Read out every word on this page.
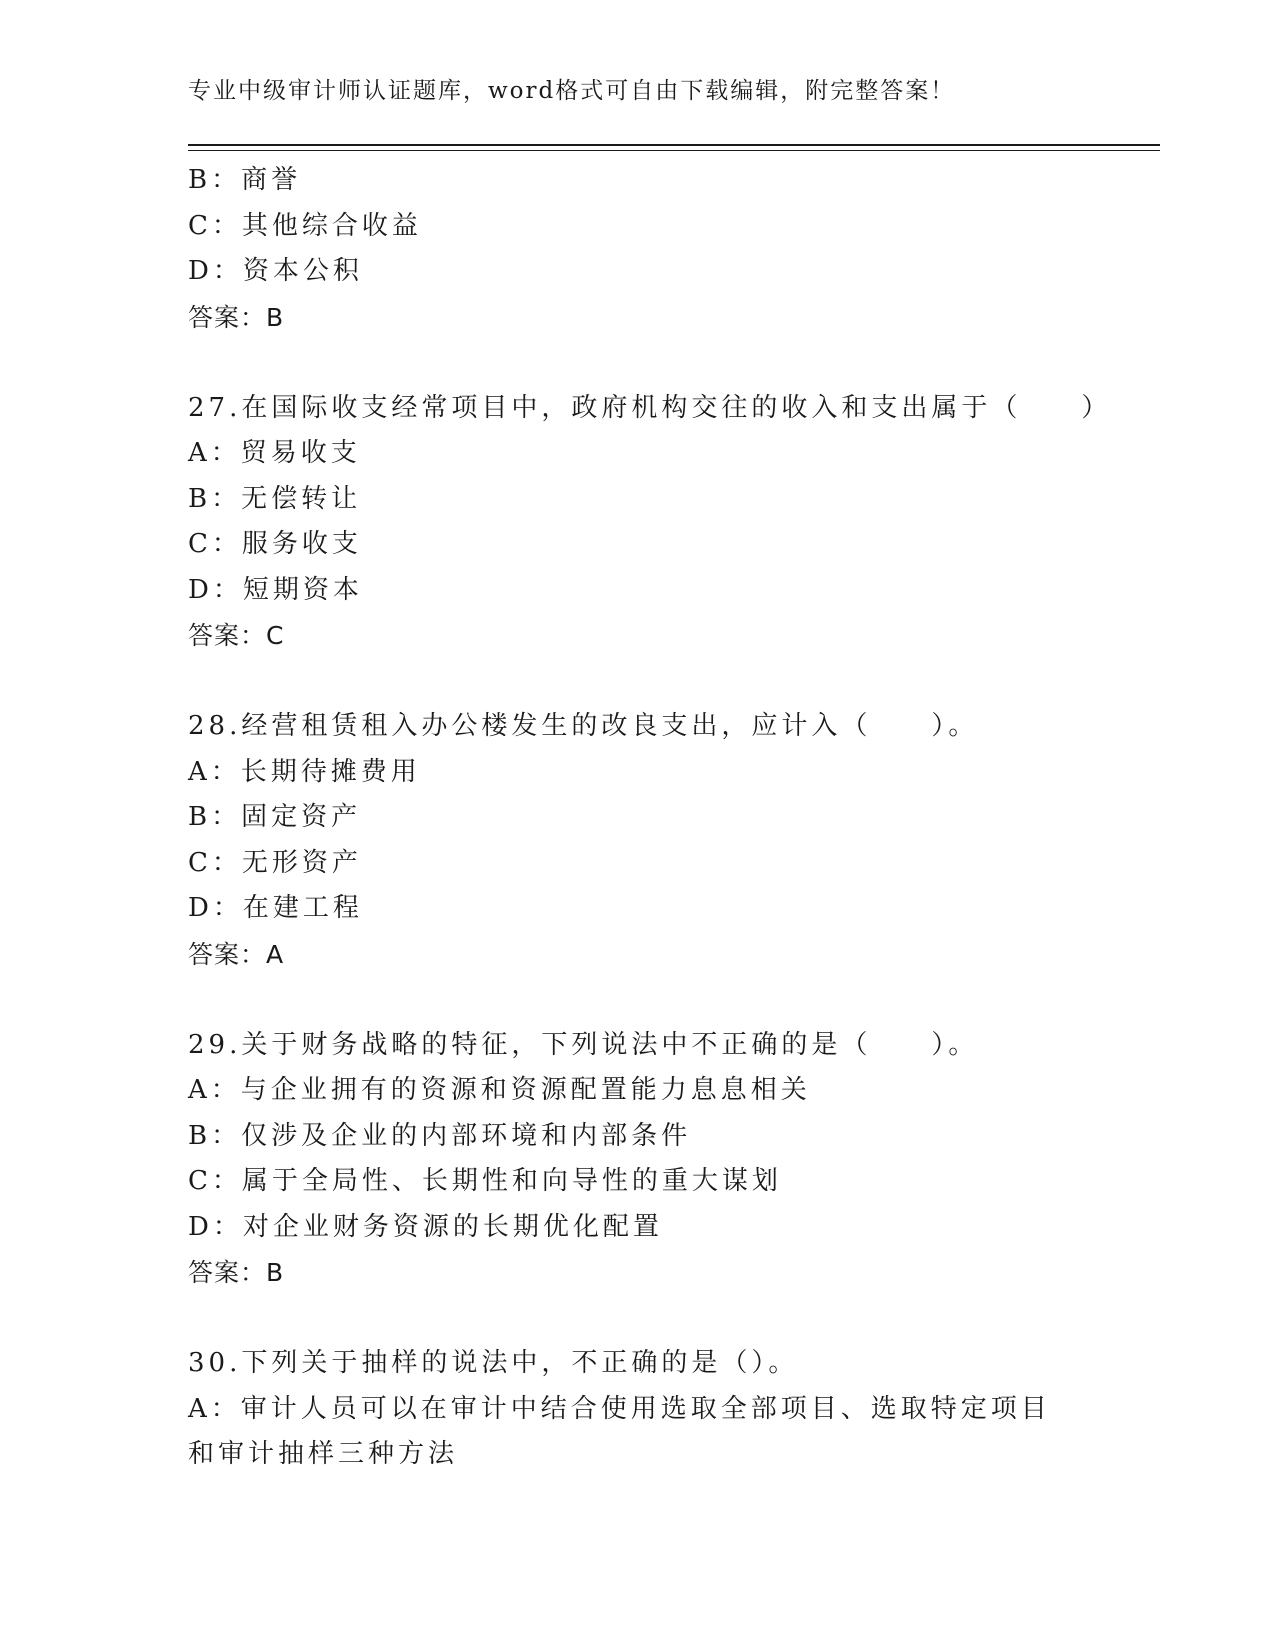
专业中级审计师认证题库，word格式可自由下载编辑，附完整答案！
B：商誉
C：其他综合收益
D：资本公积
答案：B
27.在国际收支经常项目中，政府机构交往的收入和支出属于（　　）
A：贸易收支
B：无偿转让
C：服务收支
D：短期资本
答案：C
28.经营租赁租入办公楼发生的改良支出，应计入（　　）。
A：长期待摊费用
B：固定资产
C：无形资产
D：在建工程
答案：A
29.关于财务战略的特征，下列说法中不正确的是（　　）。
A：与企业拥有的资源和资源配置能力息息相关
B：仅涉及企业的内部环境和内部条件
C：属于全局性、长期性和向导性的重大谋划
D：对企业财务资源的长期优化配置
答案：B
30.下列关于抽样的说法中，不正确的是（）。
A：审计人员可以在审计中结合使用选取全部项目、选取特定项目和审计抽样三种方法
